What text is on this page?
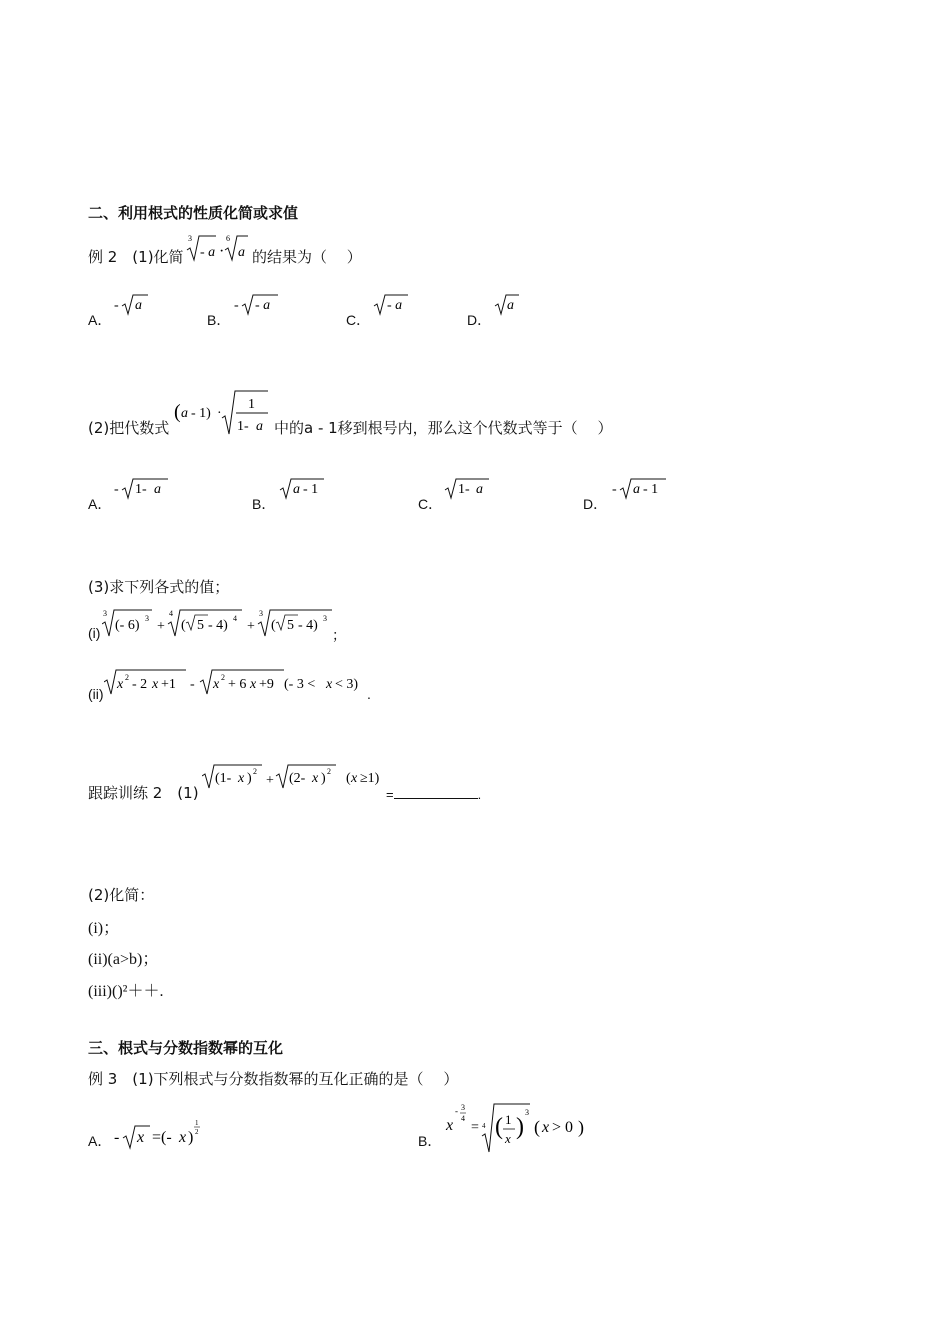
二、利用根式的性质化简或求值
例 2　(1)化简
3
- a ·
6
a 的结果为（　 ）
A．
- a
B．
- - a
C．
- a
D．
a
(2)把代数式
( a - 1) ·
1
1- a 中的a - 1移到根号内，那么这个代数式等于（　 ）
A．
- 1- a
B．
a - 1
C．
1- a
D．
- a - 1
(3)求下列各式的值；
(i)
3
(- 6) 3
+
4
( 5 - 4) 4
+
3
( 5 - 4) 3
；
(ii)
x 2 - 2 x +1 - x 2 + 6 x +9 (- 3 < x < 3)
.
跟踪训练 2　(1)
(1- x ) 2
+ (2- x ) 2 ( x ≥1)
=	.
(2)化简：
(i)；
(ii)(a>b)；
(iii)()²＋＋.
三、根式与分数指数幂的互化
例 3　(1)下列根式与分数指数幂的互化正确的是（　 ）
A． - x =(- x )
1
2
B．
x
- 3
4
= 4 ( 1
x )
3
( x > 0 )
